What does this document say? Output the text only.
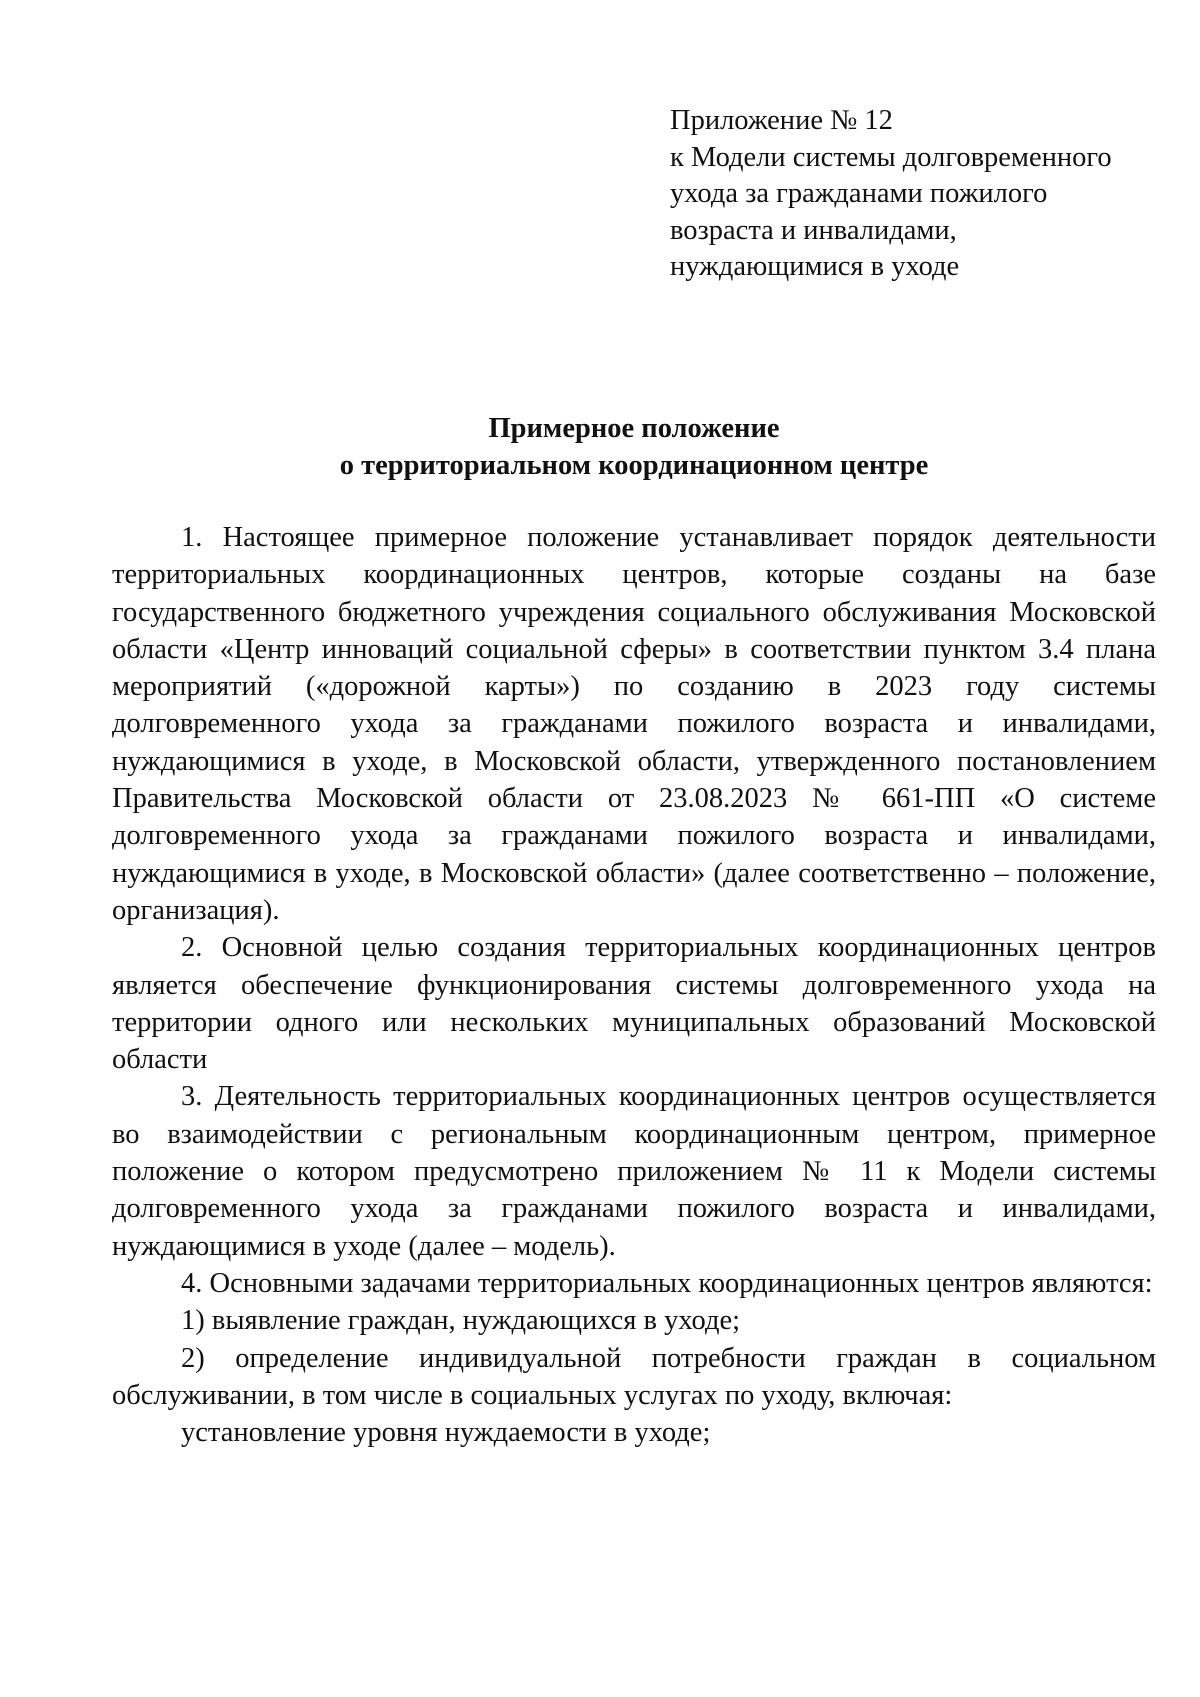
Приложение № 12
к Модели системы долговременного
ухода за гражданами пожилого
возраста и инвалидами,
нуждающимися в уходе
Примерное положение
о территориальном координационном центре

1. Настоящее примерное положение устанавливает порядок деятельности территориальных координационных центров, которые созданы на базе государственного бюджетного учреждения социального обслуживания Московской области «Центр инноваций социальной сферы» в соответствии пунктом 3.4 плана мероприятий («дорожной карты») по созданию в 2023 году системы долговременного ухода за гражданами пожилого возраста и инвалидами, нуждающимися в уходе, в Московской области, утвержденного постановлением Правительства Московской области от 23.08.2023 № 661-ПП «О системе долговременного ухода за гражданами пожилого возраста и инвалидами, нуждающимися в уходе, в Московской области» (далее соответственно – положение, организация).

2. Основной целью создания территориальных координационных центров является обеспечение функционирования системы долговременного ухода на территории одного или нескольких муниципальных образований Московской области

3. Деятельность территориальных координационных центров осуществляется во взаимодействии с региональным координационным центром, примерное положение о котором предусмотрено приложением № 11 к Модели системы долговременного ухода за гражданами пожилого возраста и инвалидами, нуждающимися в уходе (далее – модель).

4. Основными задачами территориальных координационных центров являются:

1) выявление граждан, нуждающихся в уходе;

2) определение индивидуальной потребности граждан в социальном обслуживании, в том числе в социальных услугах по уходу, включая:

установление уровня нуждаемости в уходе;
